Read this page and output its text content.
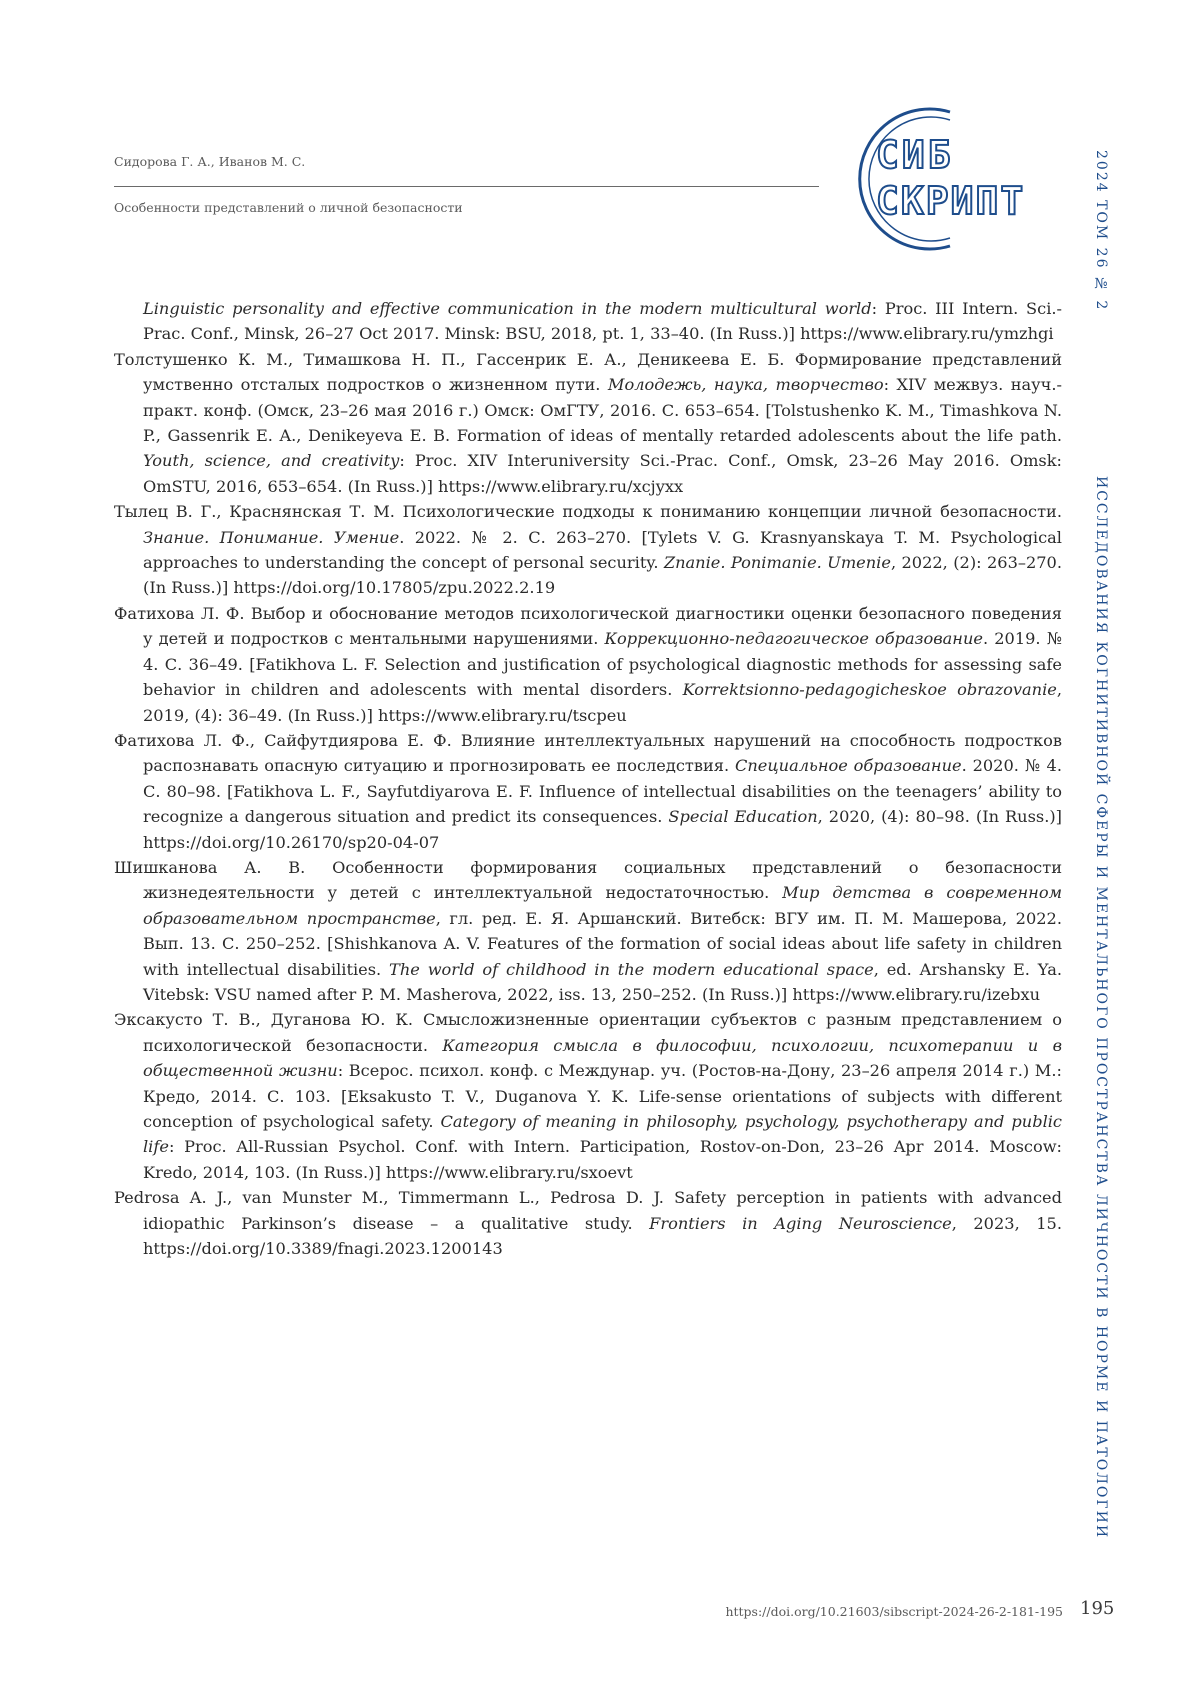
Сидорова Г. А., Иванов М. С.
Особенности представлений о личной безопасности
СИБ
СКРИПТ	2024 ТОМ 26 № 2
ИССЛЕДОВАНИЯ КОГНИТИВНОЙ СФЕРЫ И МЕНТАЛЬНОГО ПРОСТРАНСТВА ЛИЧНОСТИ В НОРМЕ И ПАТОЛОГИИ

Linguistic personality and effective communication in the modern multicultural world: Proc. III Intern. Sci.-Prac. Conf., Minsk, 26–27 Oct 2017. Minsk: BSU, 2018, pt. 1, 33–40. (In Russ.)] https://www.elibrary.ru/ymzhgi

Толстушенко К. М., Тимашкова Н. П., Гассенрик Е. А., Деникеева Е. Б. Формирование представлений умственно отсталых подростков о жизненном пути. Молодежь, наука, творчество: XIV межвуз. науч.-практ. конф. (Омск, 23–26 мая 2016 г.) Омск: ОмГТУ, 2016. С. 653–654. [Tolstushenko K. M., Timashkova N. P., Gassenrik E. A., Denikeyeva E. B. Formation of ideas of mentally retarded adolescents about the life path. Youth, science, and creativity: Proc. XIV Interuniversity Sci.-Prac. Conf., Omsk, 23–26 May 2016. Omsk: OmSTU, 2016, 653–654. (In Russ.)] https://www.elibrary.ru/xcjyxx

Тылец В. Г., Краснянская Т. М. Психологические подходы к пониманию концепции личной безопасности. Знание. Понимание. Умение. 2022. № 2. С. 263–270. [Tylets V. G. Krasnyanskaya T. M. Psychological approaches to understanding the concept of personal security. Znanie. Ponimanie. Umenie, 2022, (2): 263–270. (In Russ.)] https://doi.org/10.17805/zpu.2022.2.19

Фатихова Л. Ф. Выбор и обоснование методов психологической диагностики оценки безопасного поведения у детей и подростков с ментальными нарушениями. Коррекционно-педагогическое образование. 2019. № 4. С. 36–49. [Fatikhova L. F. Selection and justification of psychological diagnostic methods for assessing safe behavior in children and adolescents with mental disorders. Korrektsionno-pedagogicheskoe obrazovanie, 2019, (4): 36–49. (In Russ.)] https://www.elibrary.ru/tscpeu

Фатихова Л. Ф., Сайфутдиярова Е. Ф. Влияние интеллектуальных нарушений на способность подростков распознавать опасную ситуацию и прогнозировать ее последствия. Специальное образование. 2020. № 4. С. 80–98. [Fatikhova L. F., Sayfutdiyarova E. F. Influence of intellectual disabilities on the teenagers’ ability to recognize a dangerous situation and predict its consequences. Special Education, 2020, (4): 80–98. (In Russ.)] https://doi.org/10.26170/sp20-04-07

Шишканова А. В. Особенности формирования социальных представлений о безопасности жизнедеятельности у детей с интеллектуальной недостаточностью. Мир детства в современном образовательном пространстве, гл. ред. Е. Я. Аршанский. Витебск: ВГУ им. П. М. Машерова, 2022. Вып. 13. С. 250–252. [Shishkanova A. V. Features of the formation of social ideas about life safety in children with intellectual disabilities. The world of childhood in the modern educational space, ed. Arshansky E. Ya. Vitebsk: VSU named after P. M. Masherova, 2022, iss. 13, 250–252. (In Russ.)] https://www.elibrary.ru/izebxu

Эксакусто Т. В., Дуганова Ю. К. Смысложизненные ориентации субъектов с разным представлением о психологической безопасности. Категория смысла в философии, психологии, психотерапии и в общественной жизни: Всерос. психол. конф. с Междунар. уч. (Ростов-на-Дону, 23–26 апреля 2014 г.) М.: Кредо, 2014. С. 103. [Eksakusto T. V., Duganova Y. K. Life-sense orientations of subjects with different conception of psychological safety. Category of meaning in philosophy, psychology, psychotherapy and public life: Proc. All-Russian Psychol. Conf. with Intern. Participation, Rostov-on-Don, 23–26 Apr 2014. Moscow: Kredo, 2014, 103. (In Russ.)] https://www.elibrary.ru/sxoevt

Pedrosa A. J., van Munster M., Timmermann L., Pedrosa D. J. Safety perception in patients with advanced idiopathic Parkinson’s disease – a qualitative study. Frontiers in Aging Neuroscience, 2023, 15. https://doi.org/10.3389/fnagi.2023.1200143

https://doi.org/10.21603/sibscript-2024-26-2-181-195 195
